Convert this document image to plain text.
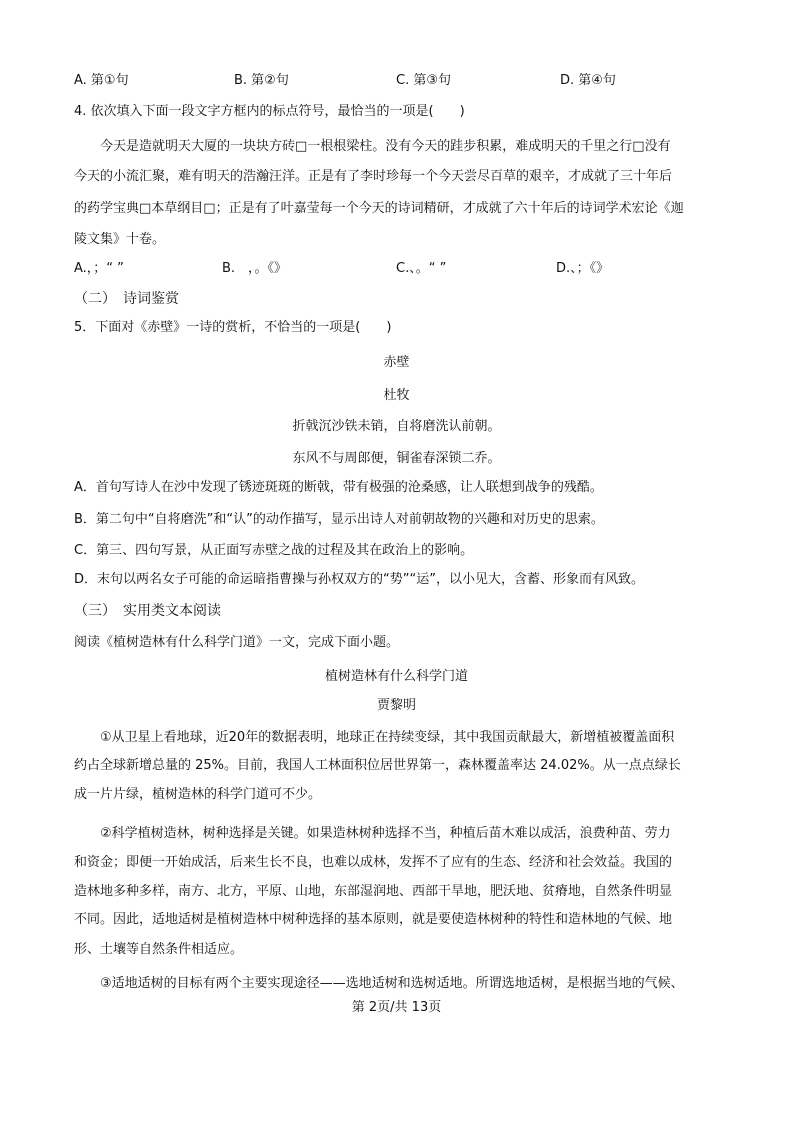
A. 第①句	B. 第②句	C. 第③句	D. 第④句
4. 依次填入下面一段文字方框内的标点符号，最恰当的一项是(　　)
今天是造就明天大厦的一块块方砖□一根根梁柱。没有今天的跬步积累，难成明天的千里之行□没有
今天的小流汇聚，难有明天的浩瀚汪洋。正是有了李时珍每一个今天尝尽百草的艰辛，才成就了三十年后
的药学宝典□本草纲目□；正是有了叶嘉莹每一个今天的诗词精研，才成就了六十年后的诗词学术宏论《迦
陵文集》十卷。
A.，；“ ”	B.　，。《》	C.、。“ ”	D.、；《》
（二）　诗词鉴赏
5．下面对《赤壁》一诗的赏析，不恰当的一项是(　　)
赤壁
杜牧
折戟沉沙铁未销，自将磨洗认前朝。
东风不与周郎便，铜雀春深锁二乔。
A．首句写诗人在沙中发现了锈迹斑斑的断戟，带有极强的沧桑感，让人联想到战争的残酷。
B．第二句中“自将磨洗”和“认”的动作描写，显示出诗人对前朝故物的兴趣和对历史的思索。
C．第三、四句写景，从正面写赤壁之战的过程及其在政治上的影响。
D．末句以两名女子可能的命运暗指曹操与孙权双方的“势”“运”，以小见大，含蓄、形象而有风致。
（三）　实用类文本阅读
阅读《植树造林有什么科学门道》一文，完成下面小题。
植树造林有什么科学门道
贾黎明
①从卫星上看地球，近20年的数据表明，地球正在持续变绿，其中我国贡献最大，新增植被覆盖面积
约占全球新增总量的 25%。目前，我国人工林面积位居世界第一，森林覆盖率达 24.02%。从一点点绿长
成一片片绿，植树造林的科学门道可不少。
②科学植树造林，树种选择是关键。如果造林树种选择不当，种植后苗木难以成活，浪费种苗、劳力
和资金；即便一开始成活，后来生长不良，也难以成林，发挥不了应有的生态、经济和社会效益。我国的
造林地多种多样，南方、北方，平原、山地，东部湿润地、西部干旱地，肥沃地、贫瘠地，自然条件明显
不同。因此，适地适树是植树造林中树种选择的基本原则，就是要使造林树种的特性和造林地的气候、地
形、土壤等自然条件相适应。
③适地适树的目标有两个主要实现途径——选地适树和选树适地。所谓选地适树，是根据当地的气候、
第 2页/共 13页
